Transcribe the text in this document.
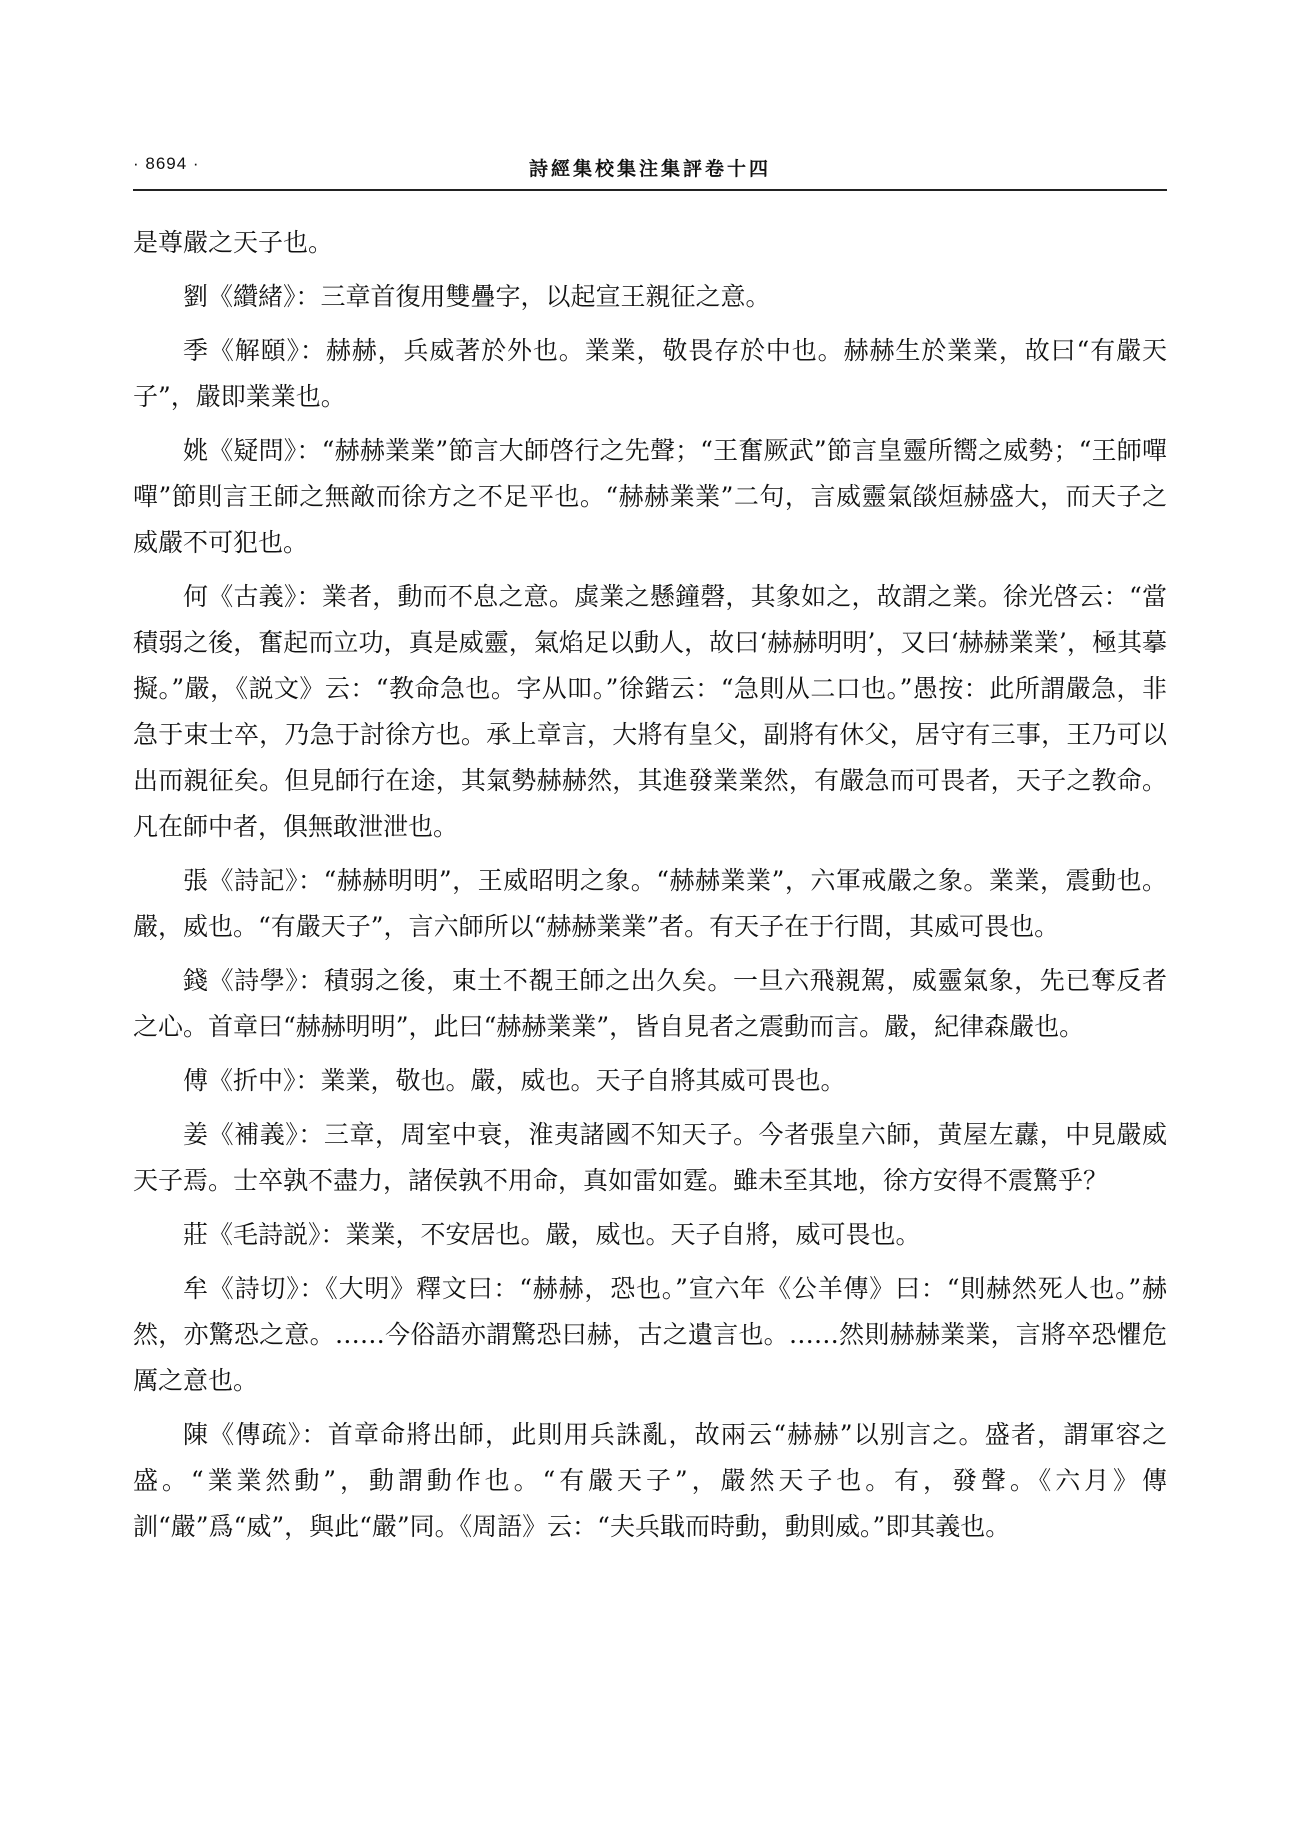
· 8694 ·	詩經集校集注集評卷十四

是尊嚴之天子也。

劉《纘緒》：三章首復用雙疊字，以起宣王親征之意。

季《解頤》：赫赫，兵威著於外也。業業，敬畏存於中也。赫赫生於業業，故曰“有嚴天子”，嚴即業業也。

姚《疑問》：“赫赫業業”節言大師啓行之先聲；“王奮厥武”節言皇靈所嚮之威勢；“王師嘽嘽”節則言王師之無敵而徐方之不足平也。“赫赫業業”二句，言威靈氣燄烜赫盛大，而天子之威嚴不可犯也。

何《古義》：業者，動而不息之意。虡業之懸鐘磬，其象如之，故謂之業。徐光啓云：“當積弱之後，奮起而立功，真是威靈，氣焰足以動人，故曰‘赫赫明明’，又曰‘赫赫業業’，極其摹擬。”嚴，《説文》云：“教命急也。字从吅。”徐鍇云：“急則从二口也。”愚按：此所謂嚴急，非急于束士卒，乃急于討徐方也。承上章言，大將有皇父，副將有休父，居守有三事，王乃可以出而親征矣。但見師行在途，其氣勢赫赫然，其進發業業然，有嚴急而可畏者，天子之教命。凡在師中者，俱無敢泄泄也。

張《詩記》：“赫赫明明”，王威昭明之象。“赫赫業業”，六軍戒嚴之象。業業，震動也。嚴，威也。“有嚴天子”，言六師所以“赫赫業業”者。有天子在于行間，其威可畏也。

錢《詩學》：積弱之後，東土不覩王師之出久矣。一旦六飛親駕，威靈氣象，先已奪反者之心。首章曰“赫赫明明”，此曰“赫赫業業”，皆自見者之震動而言。嚴，紀律森嚴也。

傅《折中》：業業，敬也。嚴，威也。天子自將其威可畏也。

姜《補義》：三章，周室中衰，淮夷諸國不知天子。今者張皇六師，黄屋左纛，中見嚴威天子焉。士卒孰不盡力，諸侯孰不用命，真如雷如霆。雖未至其地，徐方安得不震驚乎？

莊《毛詩説》：業業，不安居也。嚴，威也。天子自將，威可畏也。

牟《詩切》：《大明》釋文曰：“赫赫，恐也。”宣六年《公羊傳》曰：“則赫然死人也。”赫然，亦驚恐之意。……今俗語亦謂驚恐曰赫，古之遺言也。……然則赫赫業業，言將卒恐懼危厲之意也。

陳《傳疏》：首章命將出師，此則用兵誅亂，故兩云“赫赫”以别言之。盛者，謂軍容之盛。“業業然動”，動謂動作也。“有嚴天子”，嚴然天子也。有，發聲。《六月》傳訓“嚴”爲“威”，與此“嚴”同。《周語》云：“夫兵戢而時動，動則威。”即其義也。
